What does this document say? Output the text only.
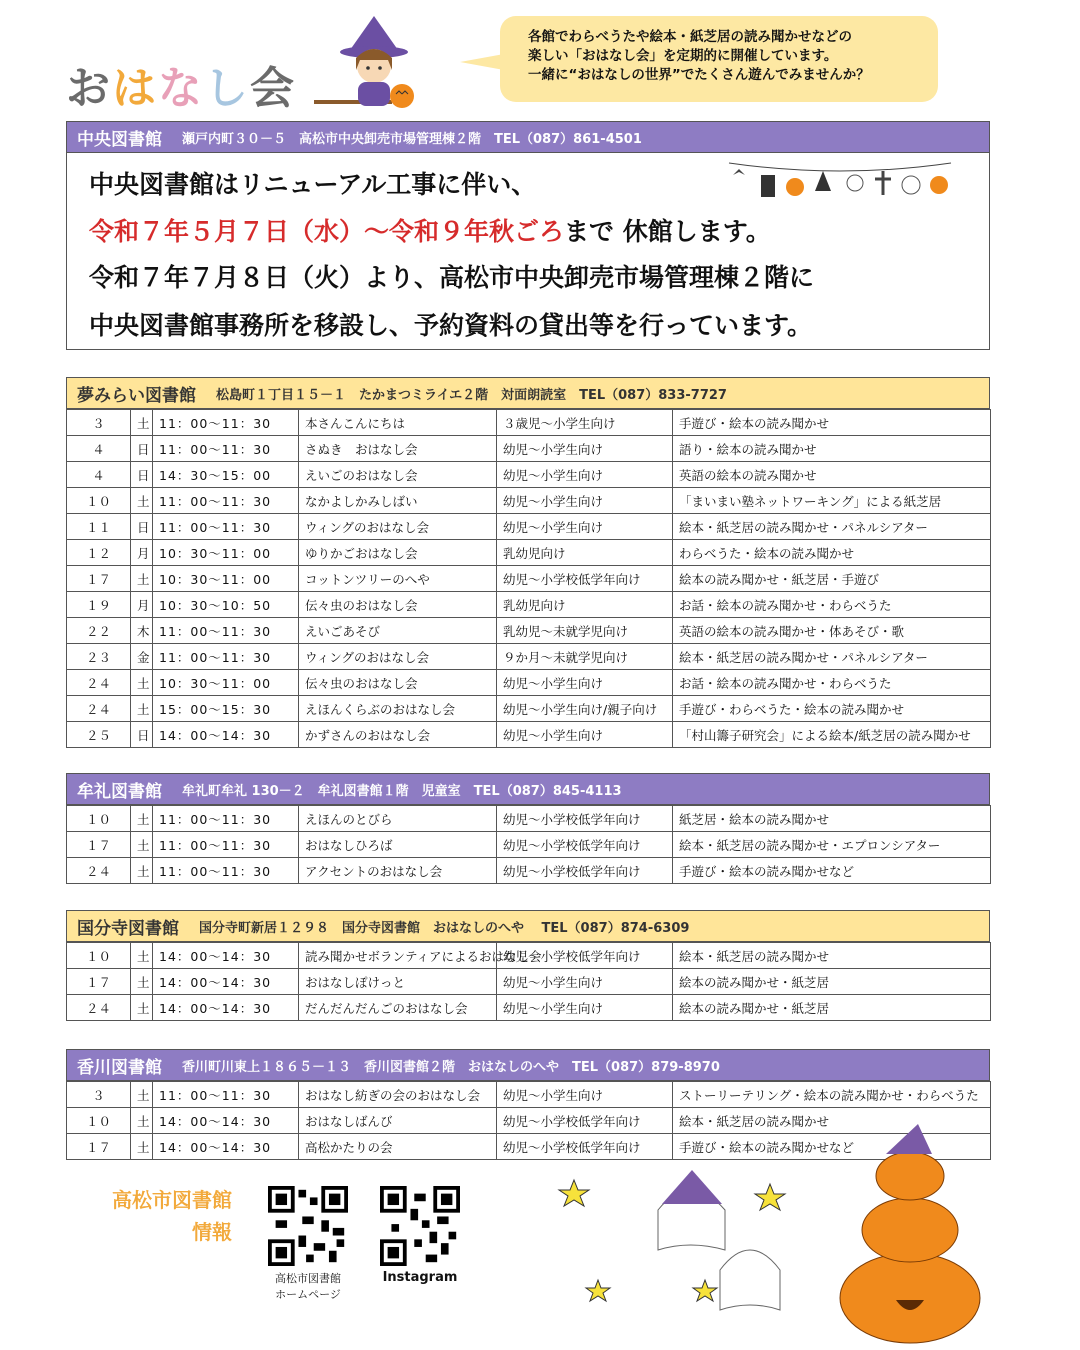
おはなし会
各館でわらべうたや絵本・紙芝居の読み聞かせなどの
楽しい「おはなし会」を定期的に開催しています。
一緒に“おはなしの世界”でたくさん遊んでみませんか？
中央図書館 瀬戸内町３０－５　高松市中央卸売市場管理棟２階　TEL（087）861-4501
中央図書館はリニューアル工事に伴い、
令和７年５月７日（水）～令和９年秋ごろまで 休館します。
令和７年７月８日（火）より、高松市中央卸売市場管理棟２階に
中央図書館事務所を移設し、予約資料の貸出等を行っています。
夢みらい図書館 松島町１丁目１５－１　たかまつミライエ２階　対面朗読室　TEL（087）833-7727
３	土	11：00～11：30	本さんこんにちは	３歳児～小学生向け	手遊び・絵本の読み聞かせ
４	日	11：00～11：30	さぬき　おはなし会	幼児～小学生向け	語り・絵本の読み聞かせ
４	日	14：30～15：00	えいごのおはなし会	幼児～小学生向け	英語の絵本の読み聞かせ
１０	土	11：00～11：30	なかよしかみしばい	幼児～小学生向け	「まいまい塾ネットワーキング」による紙芝居
１１	日	11：00～11：30	ウィングのおはなし会	幼児～小学生向け	絵本・紙芝居の読み聞かせ・パネルシアター
１２	月	10：30～11：00	ゆりかごおはなし会	乳幼児向け	わらべうた・絵本の読み聞かせ
１７	土	10：30～11：00	コットンツリーのへや	幼児～小学校低学年向け	絵本の読み聞かせ・紙芝居・手遊び
１９	月	10：30～10：50	伝々虫のおはなし会	乳幼児向け	お話・絵本の読み聞かせ・わらべうた
２２	木	11：00～11：30	えいごあそび	乳幼児～未就学児向け	英語の絵本の読み聞かせ・体あそび・歌
２３	金	11：00～11：30	ウィングのおはなし会	９か月～未就学児向け	絵本・紙芝居の読み聞かせ・パネルシアター
２４	土	10：30～11：00	伝々虫のおはなし会	幼児～小学生向け	お話・絵本の読み聞かせ・わらべうた
２４	土	15：00～15：30	えほんくらぶのおはなし会	幼児～小学生向け/親子向け	手遊び・わらべうた・絵本の読み聞かせ
２５	日	14：00～14：30	かずさんのおはなし会	幼児～小学生向け	「村山籌子研究会」による絵本/紙芝居の読み聞かせ
牟礼図書館 牟礼町牟礼 130－２　牟礼図書館１階　児童室　TEL（087）845-4113
１０	土	11：00～11：30	えほんのとびら	幼児～小学校低学年向け	紙芝居・絵本の読み聞かせ
１７	土	11：00～11：30	おはなしひろば	幼児～小学校低学年向け	絵本・紙芝居の読み聞かせ・エプロンシアター
２４	土	11：00～11：30	アクセントのおはなし会	幼児～小学校低学年向け	手遊び・絵本の読み聞かせなど
国分寺図書館 国分寺町新居１２９８　国分寺図書館　おはなしのへや　 TEL（087）874-6309
１０	土	14：00～14：30	読み聞かせボランティアによるおはなし会	幼児～小学校低学年向け	絵本・紙芝居の読み聞かせ
１７	土	14：00～14：30	おはなしぽけっと	幼児～小学生向け	絵本の読み聞かせ・紙芝居
２４	土	14：00～14：30	だんだんだんごのおはなし会	幼児～小学生向け	絵本の読み聞かせ・紙芝居
香川図書館 香川町川東上１８６５－１３　香川図書館２階　おはなしのへや　TEL（087）879-8970
３	土	11：00～11：30	おはなし紡ぎの会のおはなし会	幼児～小学生向け	ストーリーテリング・絵本の読み聞かせ・わらべうた
１０	土	14：00～14：30	おはなしばんび	幼児～小学校低学年向け	絵本・紙芝居の読み聞かせ
１７	土	14：00～14：30	高松かたりの会	幼児～小学校低学年向け	手遊び・絵本の読み聞かせなど
高松市図書館
情報
高松市図書館
ホームページ
Instagram
